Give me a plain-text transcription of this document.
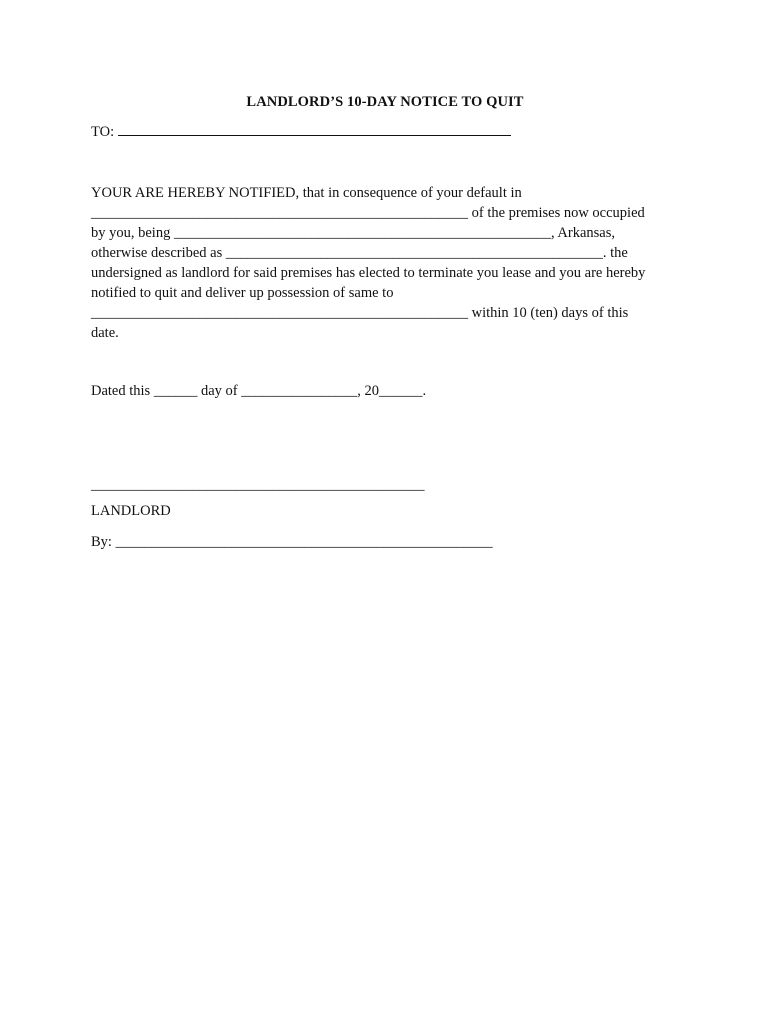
LANDLORD’S 10-DAY NOTICE TO QUIT
TO:
YOUR ARE HEREBY NOTIFIED, that in consequence of your default in
____________________________________________________ of the premises now occupied
by you, being ____________________________________________________, Arkansas,
otherwise described as ____________________________________________________. the
undersigned as landlord for said premises has elected to terminate you lease and you are hereby
notified to quit and deliver up possession of same to
____________________________________________________ within 10 (ten) days of this
date.
Dated this ______ day of ________________, 20______.
______________________________________________
LANDLORD
By: ____________________________________________________
